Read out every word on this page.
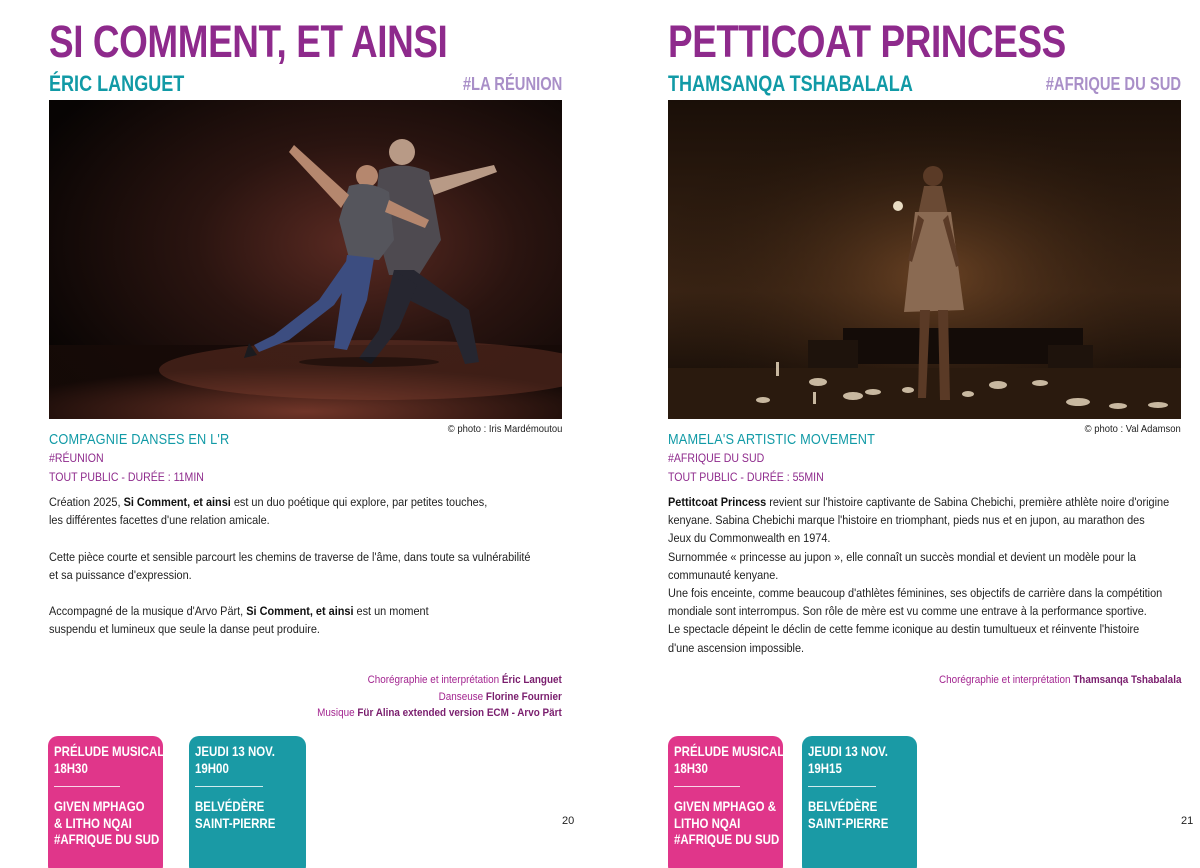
SI COMMENT, ET AINSI
ÉRIC LANGUET	#LA RÉUNION
© photo : Iris Mardémoutou
COMPAGNIE DANSES EN L'R
#RÉUNION
TOUT PUBLIC - DURÉE : 11MIN

Création 2025, Si Comment, et ainsi est un duo poétique qui explore, par petites touches,

les différentes facettes d'une relation amicale.

Cette pièce courte et sensible parcourt les chemins de traverse de l'âme, dans toute sa vulnérabilité

et sa puissance d'expression.

Accompagné de la musique d'Arvo Pärt, Si Comment, et ainsi est un moment

suspendu et lumineux que seule la danse peut produire.

Chorégraphie et interprétation Éric Languet
Danseuse Florine Fournier
Musique Für Alina extended version ECM - Arvo Pärt
PRÉLUDE MUSICAL
18H30
GIVEN MPHAGO
& LITHO NQAI
#AFRIQUE DU SUD
JEUDI 13 NOV.
19H00
BELVÉDÈRE
SAINT-PIERRE	20
PETTICOAT PRINCESS
THAMSANQA TSHABALALA	#AFRIQUE DU SUD
© photo : Val Adamson
MAMELA'S ARTISTIC MOVEMENT
#AFRIQUE DU SUD
TOUT PUBLIC - DURÉE : 55MIN

Pettitcoat Princess revient sur l'histoire captivante de Sabina Chebichi, première athlète noire d'origine

kenyane. Sabina Chebichi marque l'histoire en triomphant, pieds nus et en jupon, au marathon des

Jeux du Commonwealth en 1974.

Surnommée « princesse au jupon », elle connaît un succès mondial et devient un modèle pour la

communauté kenyane.

Une fois enceinte, comme beaucoup d'athlètes féminines, ses objectifs de carrière dans la compétition

mondiale sont interrompus. Son rôle de mère est vu comme une entrave à la performance sportive.

Le spectacle dépeint le déclin de cette femme iconique au destin tumultueux et réinvente l'histoire

d'une ascension impossible.

Chorégraphie et interprétation Thamsanqa Tshabalala
PRÉLUDE MUSICAL
18H30
GIVEN MPHAGO &
LITHO NQAI
#AFRIQUE DU SUD
JEUDI 13 NOV.
19H15
BELVÉDÈRE
SAINT-PIERRE	21
